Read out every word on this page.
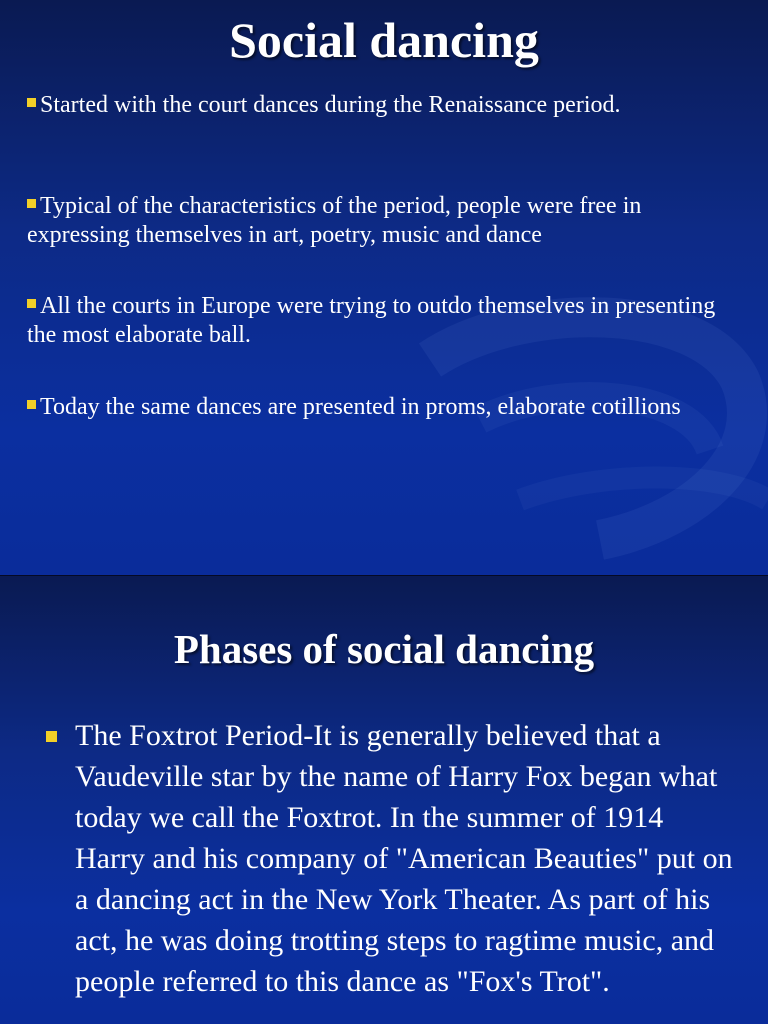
Social dancing
Started with the court dances during the Renaissance period.
Typical of the characteristics of the period, people were free in expressing themselves in art, poetry, music and dance
All the courts in Europe were trying to outdo themselves in presenting the most elaborate ball.
Today the same dances are presented in proms, elaborate cotillions
Phases of social dancing
The Foxtrot Period-It is generally believed that a Vaudeville star by the name of Harry Fox began what today we call the Foxtrot. In the summer of 1914 Harry and his company of "American Beauties" put on a dancing act in the New York Theater. As part of his act, he was doing trotting steps to ragtime music, and people referred to this dance as "Fox's Trot".
